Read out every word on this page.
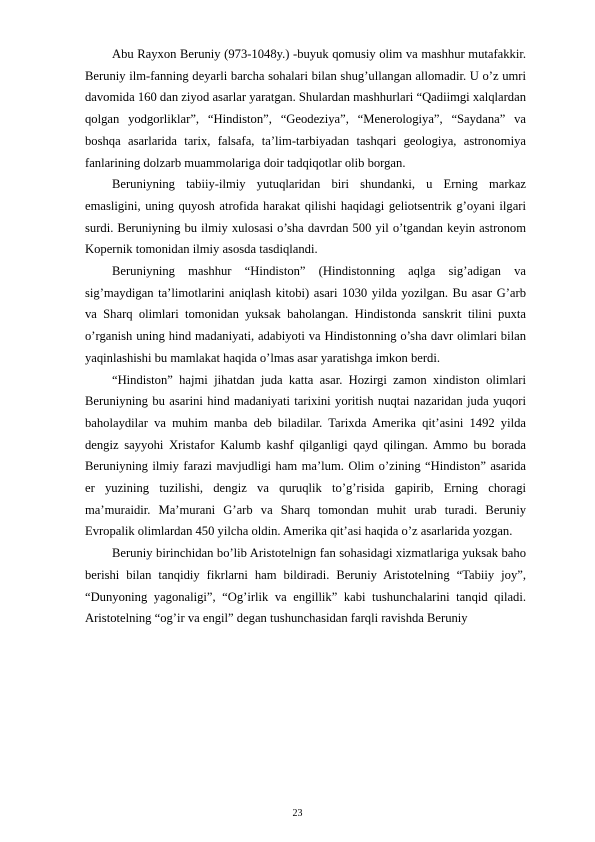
Abu Rayxon Beruniy (973-1048y.) -buyuk qomusiy olim va mashhur mutafakkir. Beruniy ilm-fanning deyarli barcha sohalari bilan shug’ullangan allomadir. U o’z umri davomida 160 dan ziyod asarlar yaratgan. Shulardan mashhurlari “Qadiimgi xalqlardan qolgan yodgorliklar”, “Hindiston”, “Geodeziya”, “Menerologiya”, “Saydana” va boshqa asarlarida tarix, falsafa, ta’lim-tarbiyadan tashqari geologiya, astronomiya fanlarining dolzarb muammolariga doir tadqiqotlar olib borgan.

Beruniyning tabiiy-ilmiy yutuqlaridan biri shundanki, u Erning markaz emasligini, uning quyosh atrofida harakat qilishi haqidagi geliotsentrik g’oyani ilgari surdi. Beruniyning bu ilmiy xulosasi o’sha davrdan 500 yil o’tgandan keyin astronom Kopernik tomonidan ilmiy asosda tasdiqlandi.

Beruniyning mashhur “Hindiston” (Hindistonning aqlga sig’adigan va sig’maydigan ta’limotlarini aniqlash kitobi) asari 1030 yilda yozilgan. Bu asar G’arb va Sharq olimlari tomonidan yuksak baholangan. Hindistonda sanskrit tilini puxta o’rganish uning hind madaniyati, adabiyoti va Hindistonning o’sha davr olimlari bilan yaqinlashishi bu mamlakat haqida o’lmas asar yaratishga imkon berdi.

“Hindiston” hajmi jihatdan juda katta asar. Hozirgi zamon xindiston olimlari Beruniyning bu asarini hind madaniyati tarixini yoritish nuqtai nazaridan juda yuqori baholaydilar va muhim manba deb biladilar. Tarixda Amerika qit’asini 1492 yilda dengiz sayyohi Xristafor Kalumb kashf qilganligi qayd qilingan. Ammo bu borada Beruniyning ilmiy farazi mavjudligi ham ma’lum. Olim o’zining “Hindiston” asarida er yuzining tuzilishi, dengiz va quruqlik to’g’risida gapirib, Erning choragi ma’muraidir. Ma’murani G’arb va Sharq tomondan muhit urab turadi. Beruniy Evropalik olimlardan 450 yilcha oldin. Amerika qit’asi haqida o’z asarlarida yozgan.

Beruniy birinchidan bo’lib Aristotelnign fan sohasidagi xizmatlariga yuksak baho berishi bilan tanqidiy fikrlarni ham bildiradi. Beruniy Aristotelning “Tabiiy joy”, “Dunyoning yagonaligi”, “Og’irlik va engillik” kabi tushunchalarini tanqid qiladi. Aristotelning “og’ir va engil” degan tushunchasidan farqli ravishda Beruniy

23
